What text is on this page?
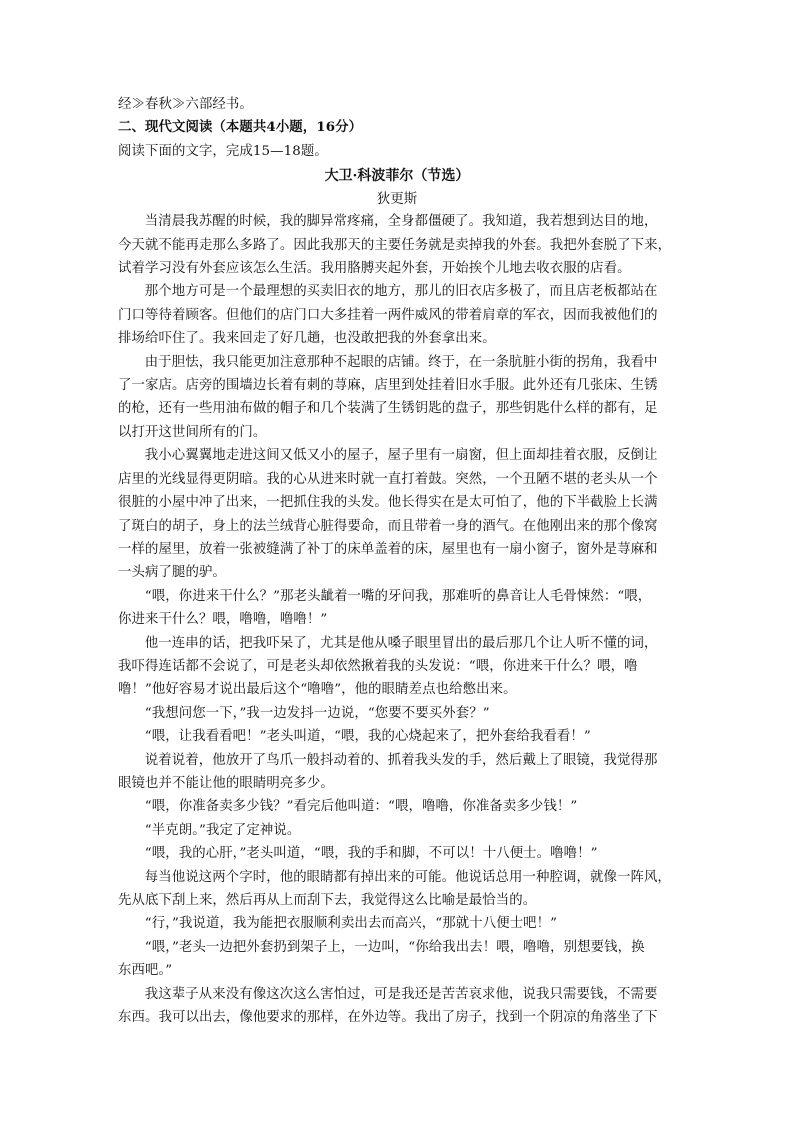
经≫春秋≫六部经书。
二、现代文阅读（本题共4小题，16分）
阅读下面的文字，完成15—18题。
大卫·科波菲尔（节选）
狄更斯
当清晨我苏醒的时候，我的脚异常疼痛，全身都僵硬了。我知道，我若想到达目的地，
今天就不能再走那么多路了。因此我那天的主要任务就是卖掉我的外套。我把外套脱了下来，
试着学习没有外套应该怎么生活。我用胳膊夹起外套，开始挨个儿地去收衣服的店看。
那个地方可是一个最理想的买卖旧衣的地方，那儿的旧衣店多极了，而且店老板都站在
门口等待着顾客。但他们的店门口大多挂着一两件威风的带着肩章的军衣，因而我被他们的
排场给吓住了。我来回走了好几趟，也没敢把我的外套拿出来。
由于胆怯，我只能更加注意那种不起眼的店铺。终于，在一条肮脏小街的拐角，我看中
了一家店。店旁的围墙边长着有刺的荨麻，店里到处挂着旧水手服。此外还有几张床、生锈
的枪，还有一些用油布做的帽子和几个装满了生锈钥匙的盘子，那些钥匙什么样的都有，足
以打开这世间所有的门。
我小心翼翼地走进这间又低又小的屋子，屋子里有一扇窗，但上面却挂着衣服，反倒让
店里的光线显得更阴暗。我的心从进来时就一直打着鼓。突然，一个丑陋不堪的老头从一个
很脏的小屋中冲了出来，一把抓住我的头发。他长得实在是太可怕了，他的下半截脸上长满
了斑白的胡子，身上的法兰绒背心脏得要命，而且带着一身的酒气。在他刚出来的那个像窝
一样的屋里，放着一张被缝满了补丁的床单盖着的床，屋里也有一扇小窗子，窗外是荨麻和
一头病了腿的驴。
“喂，你进来干什么？”那老头龇着一嘴的牙问我，那难听的鼻音让人毛骨悚然：“喂，
你进来干什么？喂，噜噜，噜噜！”
他一连串的话，把我吓呆了，尤其是他从嗓子眼里冒出的最后那几个让人听不懂的词，
我吓得连话都不会说了，可是老头却依然揪着我的头发说：“喂，你进来干什么？喂，噜
噜！”他好容易才说出最后这个“噜噜”，他的眼睛差点也给憋出来。
“我想问您一下，”我一边发抖一边说，“您要不要买外套？”
“喂，让我看看吧！”老头叫道，“喂，我的心烧起来了，把外套给我看看！”
说着说着，他放开了鸟爪一般抖动着的、抓着我头发的手，然后戴上了眼镜，我觉得那
眼镜也并不能让他的眼睛明亮多少。
“喂，你准备卖多少钱？”看完后他叫道：“喂，噜噜，你准备卖多少钱！”
“半克朗。”我定了定神说。
“喂，我的心肝，”老头叫道，“喂，我的手和脚，不可以！十八便士。噜噜！”
每当他说这两个字时，他的眼睛都有掉出来的可能。他说话总用一种腔调，就像一阵风，
先从底下刮上来，然后再从上而刮下去，我觉得这么比喻是最恰当的。
“行，”我说道，我为能把衣服顺利卖出去而高兴，“那就十八便士吧！”
“喂，”老头一边把外套扔到架子上，一边叫，“你给我出去！喂，噜噜，别想要钱，换
东西吧。”
我这辈子从来没有像这次这么害怕过，可是我还是苦苦哀求他，说我只需要钱，不需要
东西。我可以出去，像他要求的那样，在外边等。我出了房子，找到一个阴凉的角落坐了下
